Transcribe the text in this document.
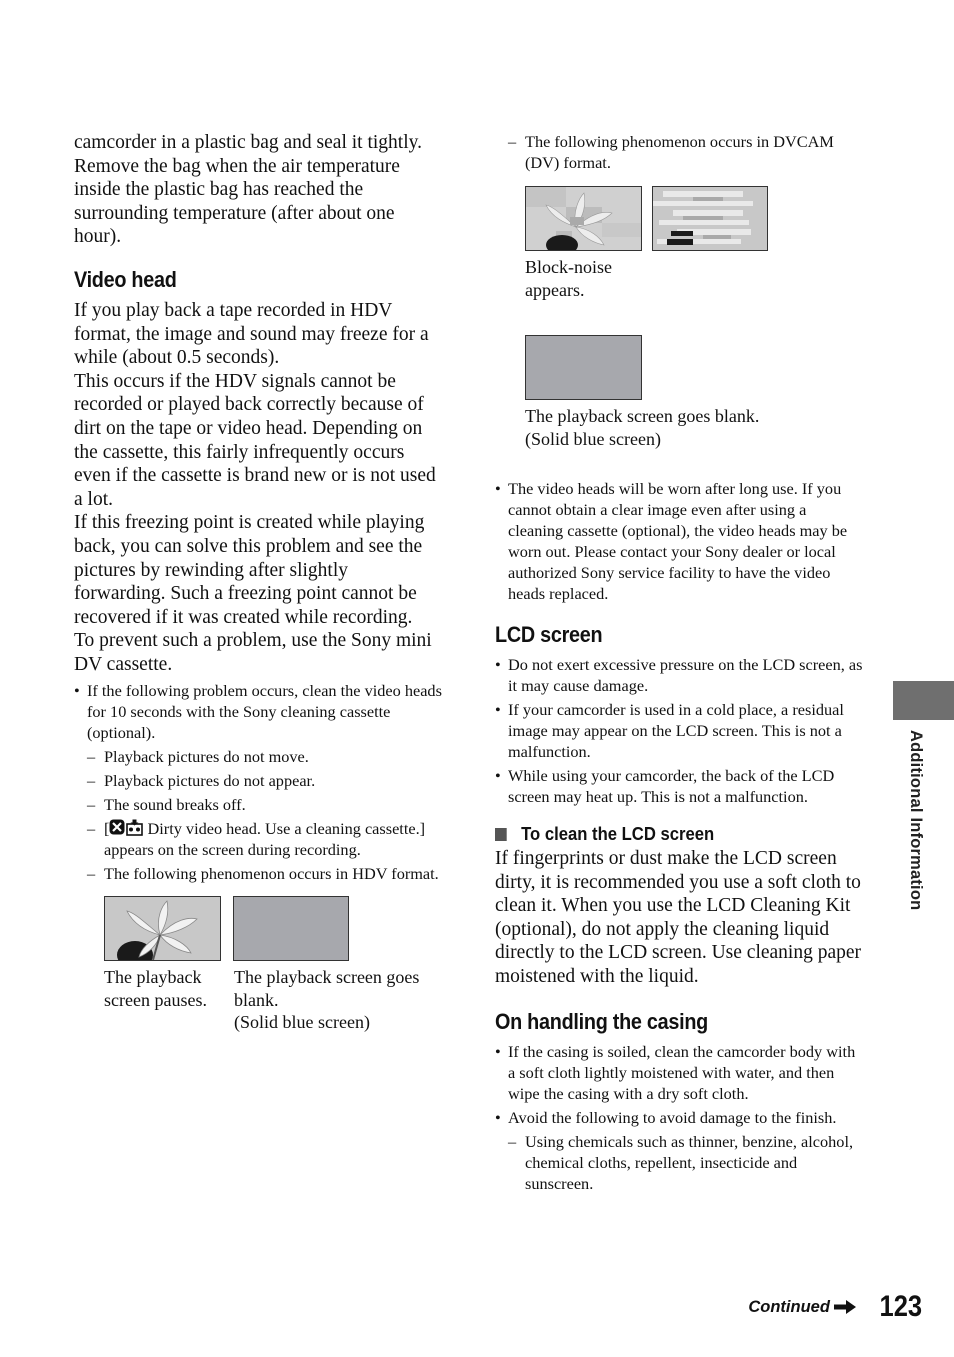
camcorder in a plastic bag and seal it tightly. Remove the bag when the air temperature inside the plastic bag has reached the surrounding temperature (after about one hour).

Video head

If you play back a tape recorded in HDV format, the image and sound may freeze for a while (about 0.5 seconds).

This occurs if the HDV signals cannot be recorded or played back correctly because of dirt on the tape or video head. Depending on the cassette, this fairly infrequently occurs even if the cassette is brand new or is not used a lot.

If this freezing point is created while playing back, you can solve this problem and see the pictures by rewinding after slightly forwarding. Such a freezing point cannot be recovered if it was created while recording.

To prevent such a problem, use the Sony mini DV cassette.

• If the following problem occurs, clean the video heads for 10 seconds with the Sony cleaning cassette (optional).
– Playback pictures do not move.
– Playback pictures do not appear.
– The sound breaks off.
– [
Dirty video head. Use a cleaning cassette.] appears on the screen during recording.
– The following phenomenon occurs in HDV format.

The playback screen pauses.

The playback screen goes blank.

(Solid blue screen)

– The following phenomenon occurs in DVCAM (DV) format.

Block-noise appears.

The playback screen goes blank.

(Solid blue screen)

• The video heads will be worn after long use. If you cannot obtain a clear image even after using a cleaning cassette (optional), the video heads may be worn out. Please contact your Sony dealer or local authorized Sony service facility to have the video heads replaced.
LCD screen
• Do not exert excessive pressure on the LCD screen, as it may cause damage.
• If your camcorder is used in a cold place, a residual image may appear on the LCD screen. This is not a malfunction.
• While using your camcorder, the back of the LCD screen may heat up. This is not a malfunction.
To clean the LCD screen

If fingerprints or dust make the LCD screen dirty, it is recommended you use a soft cloth to clean it. When you use the LCD Cleaning Kit (optional), do not apply the cleaning liquid directly to the LCD screen. Use cleaning paper moistened with the liquid.

On handling the casing
• If the casing is soiled, clean the camcorder body with a soft cloth lightly moistened with water, and then wipe the casing with a dry soft cloth.
• Avoid the following to avoid damage to the finish.
– Using chemicals such as thinner, benzine, alcohol, chemical cloths, repellent, insecticide and sunscreen.
Additional Information
Continued 123
